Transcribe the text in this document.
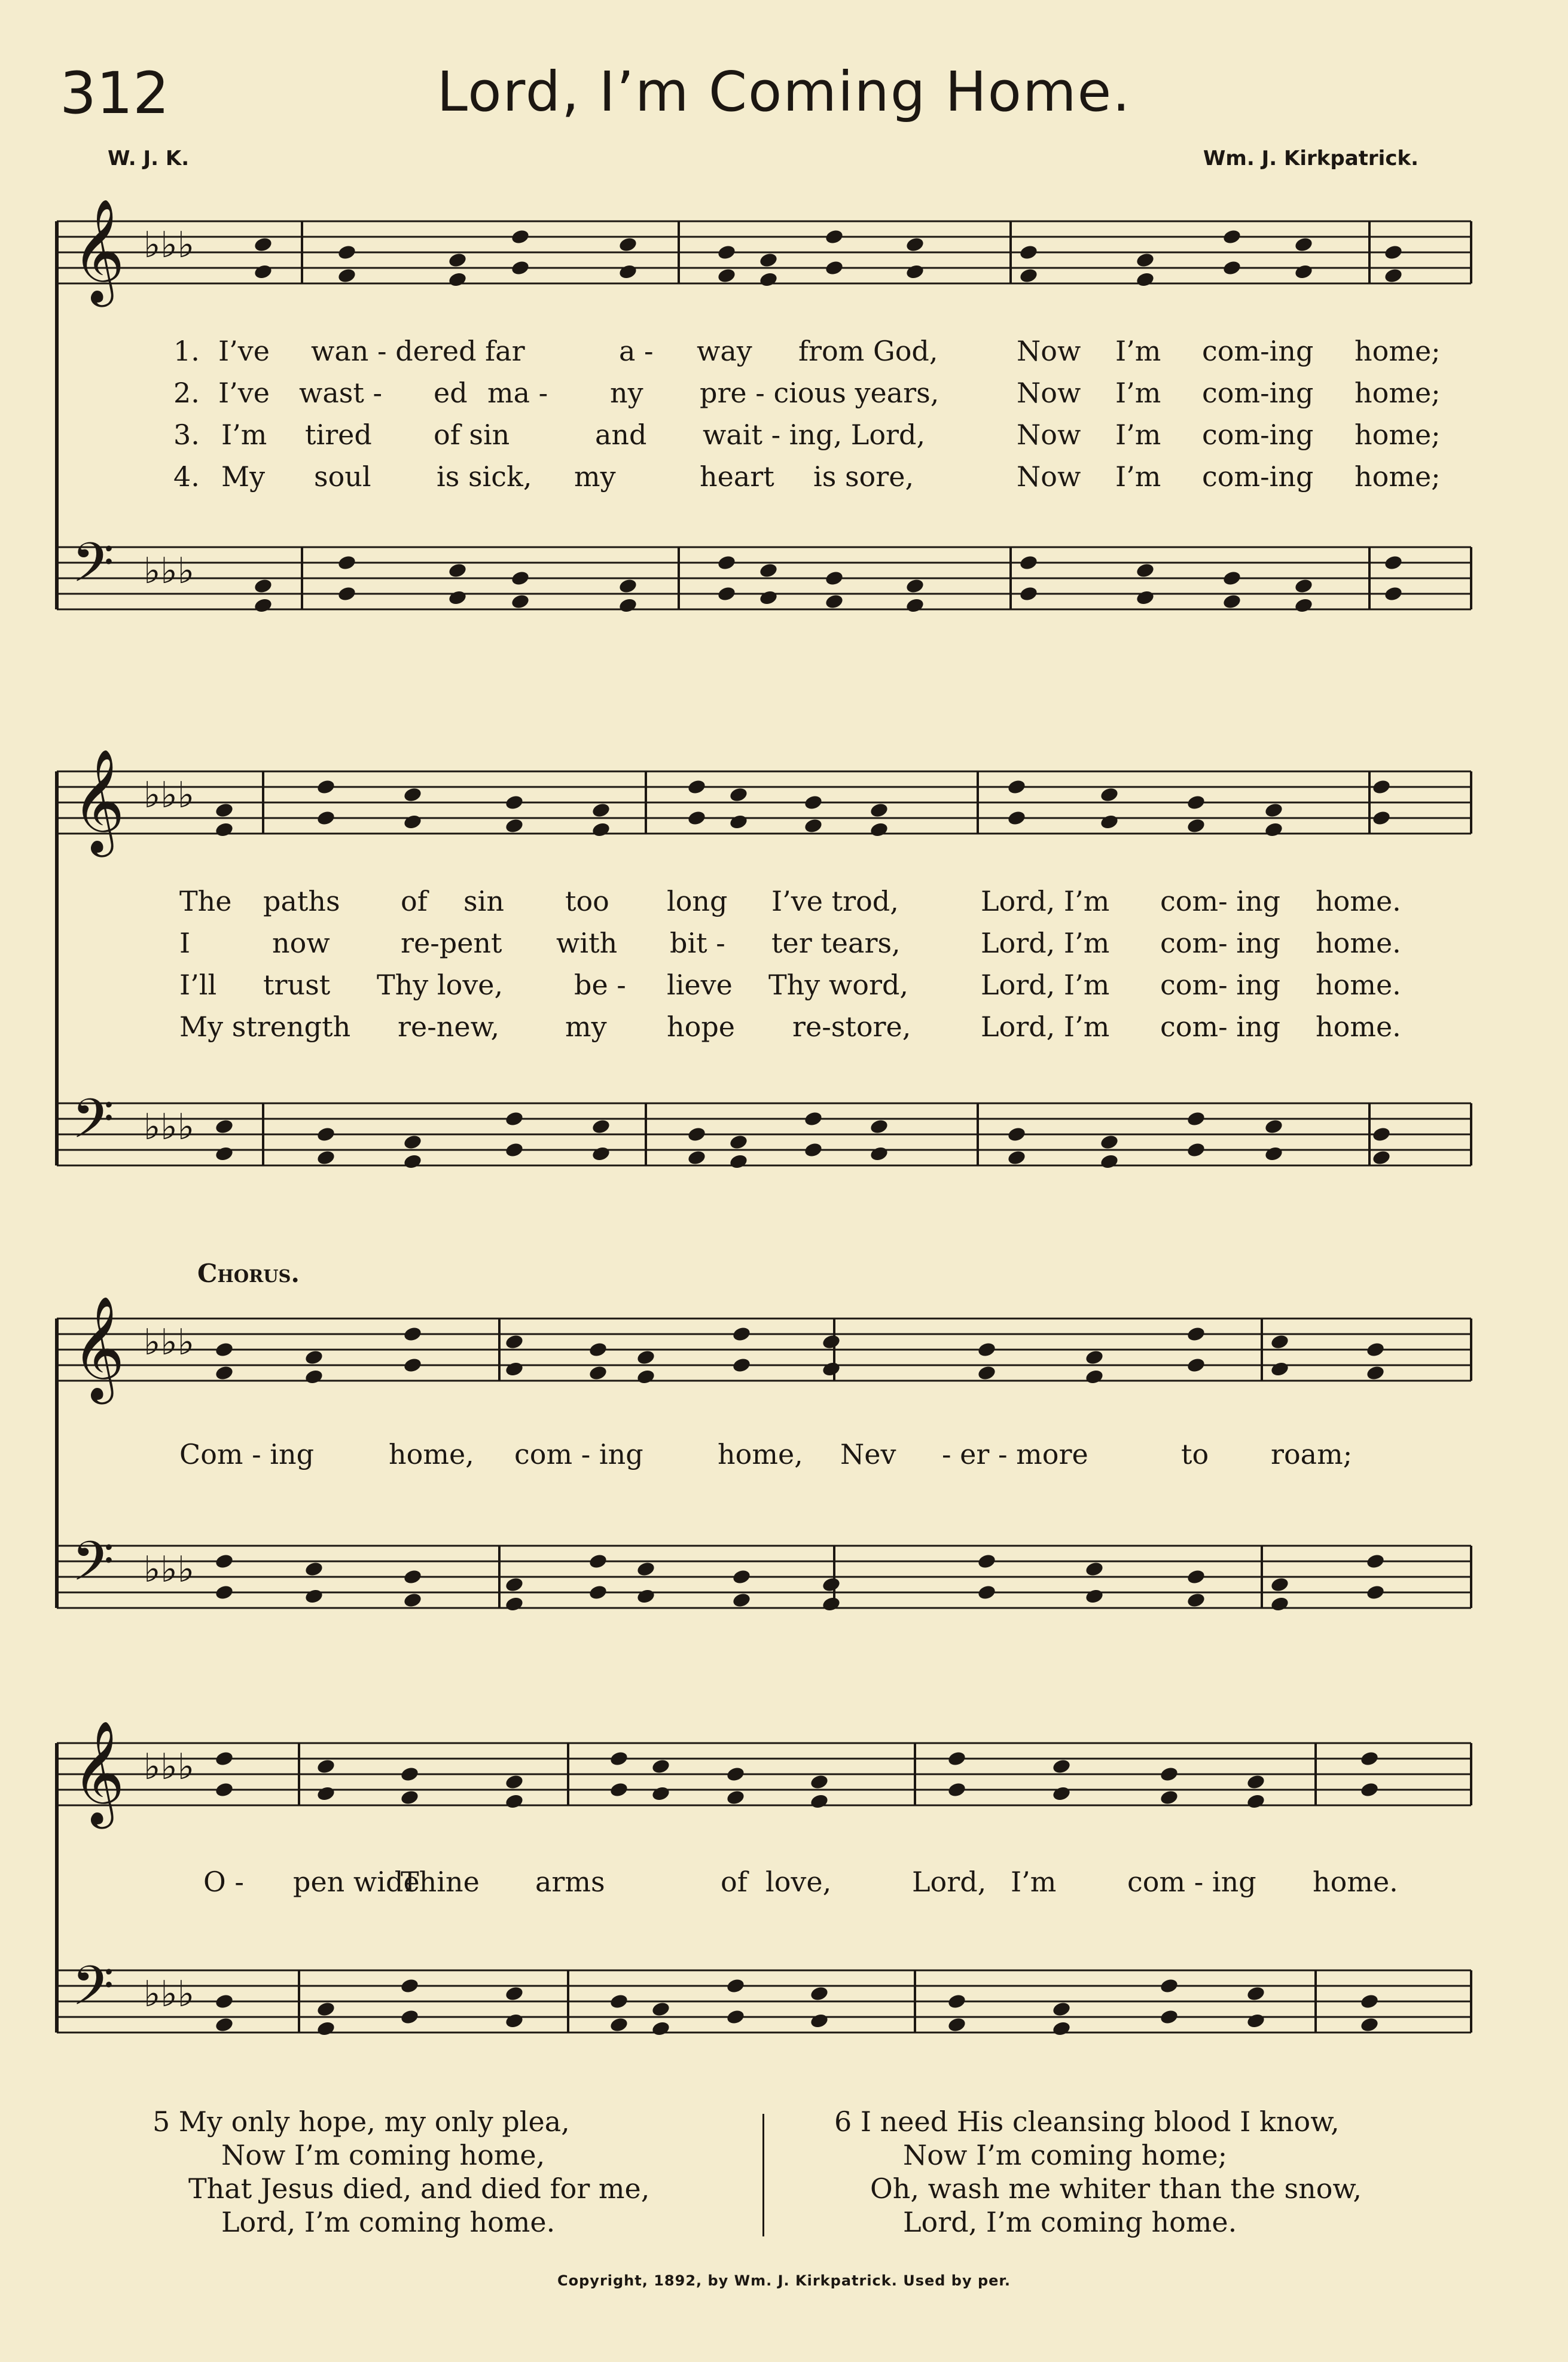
312	Lord, I’m Coming Home.
W. J. K.	Wm. J. Kirkpatrick.
𝄞
𝄢
♭♭♭
♭♭♭
𝄞
𝄢
♭♭♭
♭♭♭
𝄞
𝄢
♭♭♭
♭♭♭
𝄞
𝄢
♭♭♭
♭♭♭
1. I’ve wan - dered far	a - way from God,	Now I’m com-ing home;
2. I’ve wast - ed ma - ny pre - cious years,	Now I’m com-ing home;
3. I’m tired of sin	and wait - ing, Lord,	Now I’m com-ing home;
4. My soul is sick, my	heart is sore,	Now I’m com-ing home;
The paths of sin too long I’ve trod,	Lord, I’m com- ing home.
I	now	re-pent with bit - ter tears,	Lord, I’m com- ing home.
I’ll trust Thy love,	be - lieve Thy word,	Lord, I’m com- ing home.
My strength re-new, my hope re-store,	Lord, I’m com- ing home.
Chorus.
Com - ing	home, com - ing	home, Nev - er - more	to roam;
O - pen wide
Thine arms	of love,	Lord, I’m	com - ing home.
5 My only hope, my only plea,
Now I’m coming home,
That Jesus died, and died for me,
Lord, I’m coming home.
6 I need His cleansing blood I know,
Now I’m coming home;
Oh, wash me whiter than the snow,
Lord, I’m coming home.
Copyright, 1892, by Wm. J. Kirkpatrick. Used by per.
